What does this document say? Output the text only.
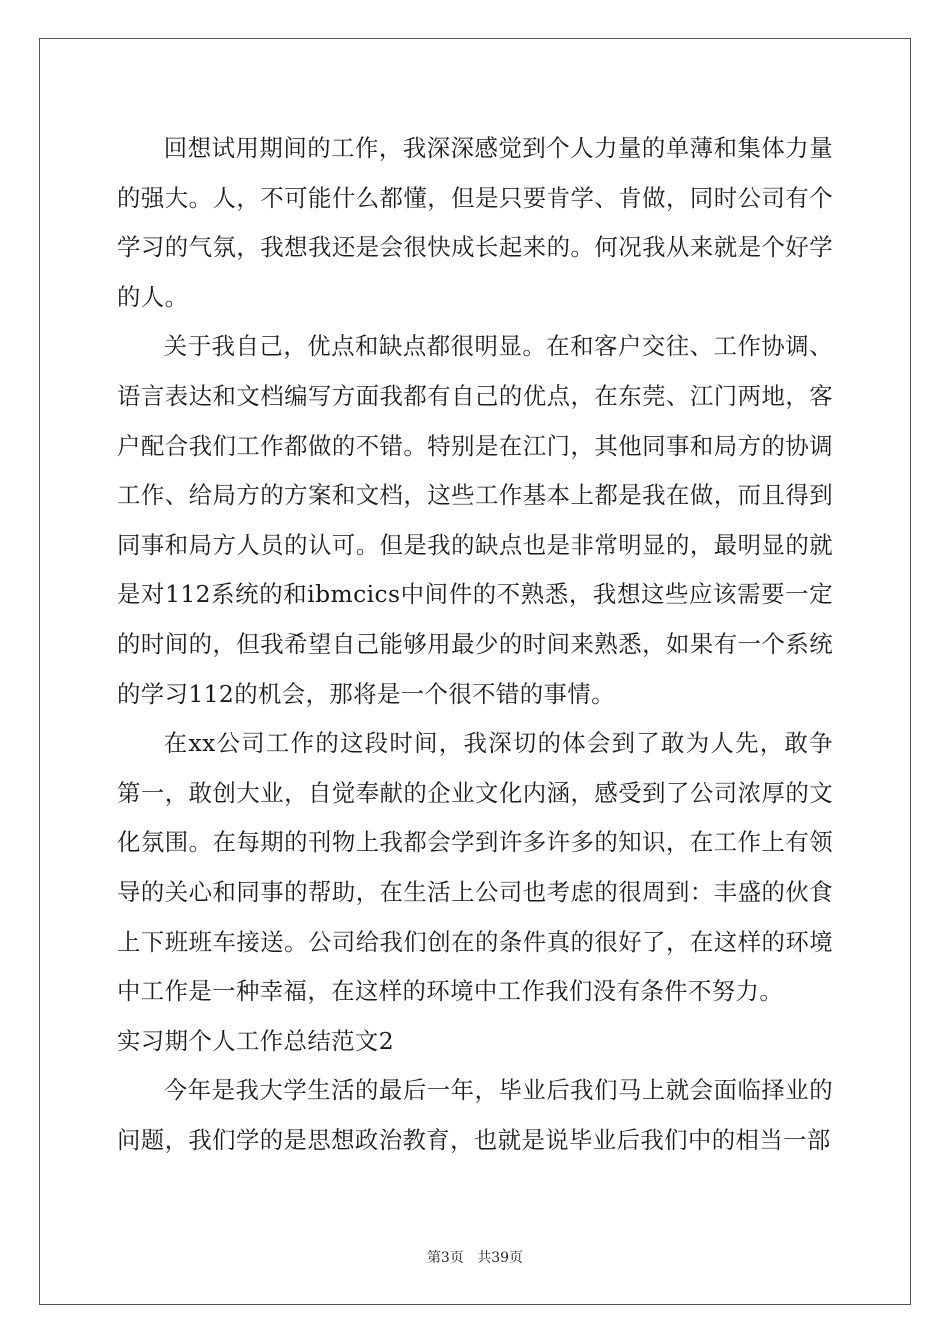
回想试用期间的工作，我深深感觉到个人力量的单薄和集体力量的强大。人，不可能什么都懂，但是只要肯学、肯做，同时公司有个学习的气氛，我想我还是会很快成长起来的。何况我从来就是个好学的人。

关于我自己，优点和缺点都很明显。在和客户交往、工作协调、语言表达和文档编写方面我都有自己的优点，在东莞、江门两地，客户配合我们工作都做的不错。特别是在江门，其他同事和局方的协调工作、给局方的方案和文档，这些工作基本上都是我在做，而且得到同事和局方人员的认可。但是我的缺点也是非常明显的，最明显的就是对112系统的和ibmcics中间件的不熟悉，我想这些应该需要一定的时间的，但我希望自己能够用最少的时间来熟悉，如果有一个系统的学习112的机会，那将是一个很不错的事情。

在xx公司工作的这段时间，我深切的体会到了敢为人先，敢争第一，敢创大业，自觉奉献的企业文化内涵，感受到了公司浓厚的文化氛围。在每期的刊物上我都会学到许多许多的知识，在工作上有领导的关心和同事的帮助，在生活上公司也考虑的很周到：丰盛的伙食上下班班车接送。公司给我们创在的条件真的很好了，在这样的环境中工作是一种幸福，在这样的环境中工作我们没有条件不努力。

实习期个人工作总结范文2

今年是我大学生活的最后一年，毕业后我们马上就会面临择业的问题，我们学的是思想政治教育，也就是说毕业后我们中的相当一部

第3页 共39页
